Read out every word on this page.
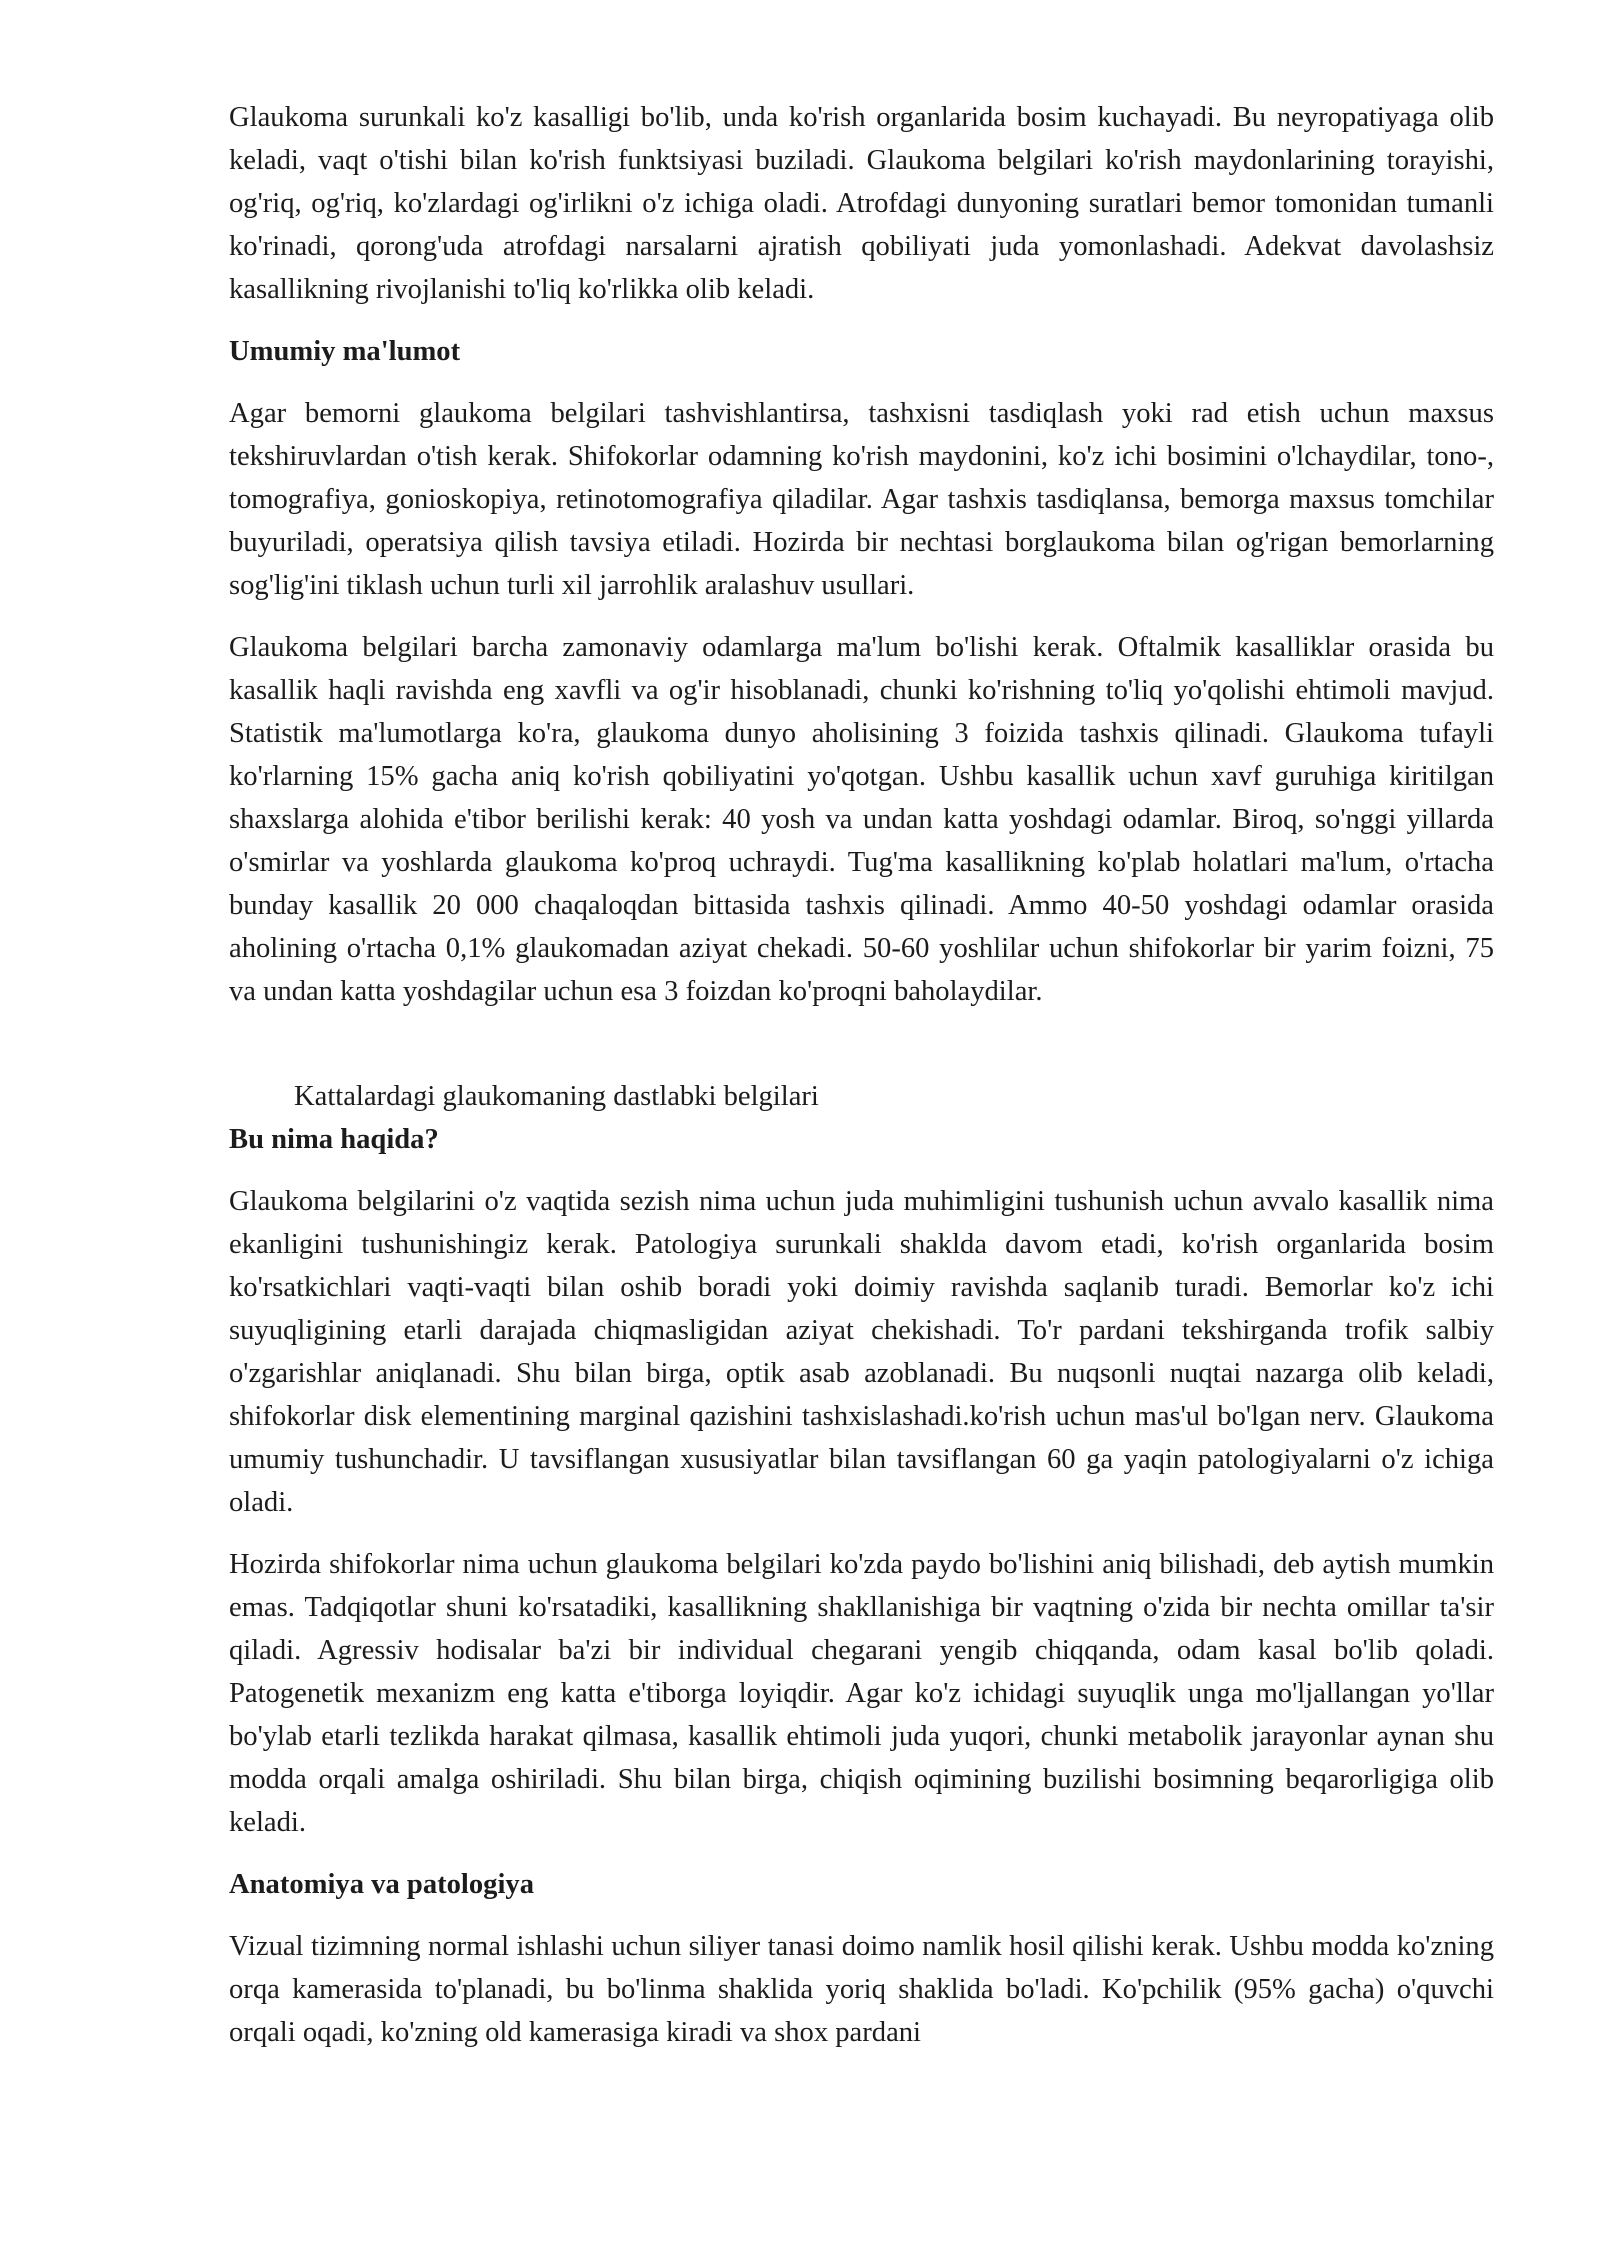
Glaukoma surunkali ko'z kasalligi bo'lib, unda ko'rish organlarida bosim kuchayadi. Bu neyropatiyaga olib keladi, vaqt o'tishi bilan ko'rish funktsiyasi buziladi. Glaukoma belgilari ko'rish maydonlarining torayishi, og'riq, og'riq, ko'zlardagi og'irlikni o'z ichiga oladi. Atrofdagi dunyoning suratlari bemor tomonidan tumanli ko'rinadi, qorong'uda atrofdagi narsalarni ajratish qobiliyati juda yomonlashadi. Adekvat davolashsiz kasallikning rivojlanishi to'liq ko'rlikka olib keladi.

Umumiy ma'lumot

Agar bemorni glaukoma belgilari tashvishlantirsa, tashxisni tasdiqlash yoki rad etish uchun maxsus tekshiruvlardan o'tish kerak. Shifokorlar odamning ko'rish maydonini, ko'z ichi bosimini o'lchaydilar, tono-, tomografiya, gonioskopiya, retinotomografiya qiladilar. Agar tashxis tasdiqlansa, bemorga maxsus tomchilar buyuriladi, operatsiya qilish tavsiya etiladi. Hozirda bir nechtasi borglaukoma bilan og'rigan bemorlarning sog'lig'ini tiklash uchun turli xil jarrohlik aralashuv usullari.

Glaukoma belgilari barcha zamonaviy odamlarga ma'lum bo'lishi kerak. Oftalmik kasalliklar orasida bu kasallik haqli ravishda eng xavfli va og'ir hisoblanadi, chunki ko'rishning to'liq yo'qolishi ehtimoli mavjud. Statistik ma'lumotlarga ko'ra, glaukoma dunyo aholisining 3 foizida tashxis qilinadi. Glaukoma tufayli ko'rlarning 15% gacha aniq ko'rish qobiliyatini yo'qotgan. Ushbu kasallik uchun xavf guruhiga kiritilgan shaxslarga alohida e'tibor berilishi kerak: 40 yosh va undan katta yoshdagi odamlar. Biroq, so'nggi yillarda o'smirlar va yoshlarda glaukoma ko'proq uchraydi. Tug'ma kasallikning ko'plab holatlari ma'lum, o'rtacha bunday kasallik 20 000 chaqaloqdan bittasida tashxis qilinadi. Ammo 40-50 yoshdagi odamlar orasida aholining o'rtacha 0,1% glaukomadan aziyat chekadi. 50-60 yoshlilar uchun shifokorlar bir yarim foizni, 75 va undan katta yoshdagilar uchun esa 3 foizdan ko'proqni baholaydilar.

Kattalardagi glaukomaning dastlabki belgilari

Bu nima haqida?

Glaukoma belgilarini o'z vaqtida sezish nima uchun juda muhimligini tushunish uchun avvalo kasallik nima ekanligini tushunishingiz kerak. Patologiya surunkali shaklda davom etadi, ko'rish organlarida bosim ko'rsatkichlari vaqti-vaqti bilan oshib boradi yoki doimiy ravishda saqlanib turadi. Bemorlar ko'z ichi suyuqligining etarli darajada chiqmasligidan aziyat chekishadi. To'r pardani tekshirganda trofik salbiy o'zgarishlar aniqlanadi. Shu bilan birga, optik asab azoblanadi. Bu nuqsonli nuqtai nazarga olib keladi, shifokorlar disk elementining marginal qazishini tashxislashadi.ko'rish uchun mas'ul bo'lgan nerv. Glaukoma umumiy tushunchadir. U tavsiflangan xususiyatlar bilan tavsiflangan 60 ga yaqin patologiyalarni o'z ichiga oladi.

Hozirda shifokorlar nima uchun glaukoma belgilari ko'zda paydo bo'lishini aniq bilishadi, deb aytish mumkin emas. Tadqiqotlar shuni ko'rsatadiki, kasallikning shakllanishiga bir vaqtning o'zida bir nechta omillar ta'sir qiladi. Agressiv hodisalar ba'zi bir individual chegarani yengib chiqqanda, odam kasal bo'lib qoladi. Patogenetik mexanizm eng katta e'tiborga loyiqdir. Agar ko'z ichidagi suyuqlik unga mo'ljallangan yo'llar bo'ylab etarli tezlikda harakat qilmasa, kasallik ehtimoli juda yuqori, chunki metabolik jarayonlar aynan shu modda orqali amalga oshiriladi. Shu bilan birga, chiqish oqimining buzilishi bosimning beqarorligiga olib keladi.

Anatomiya va patologiya

Vizual tizimning normal ishlashi uchun siliyer tanasi doimo namlik hosil qilishi kerak. Ushbu modda ko'zning orqa kamerasida to'planadi, bu bo'linma shaklida yoriq shaklida bo'ladi. Ko'pchilik (95% gacha) o'quvchi orqali oqadi, ko'zning old kamerasiga kiradi va shox pardani
